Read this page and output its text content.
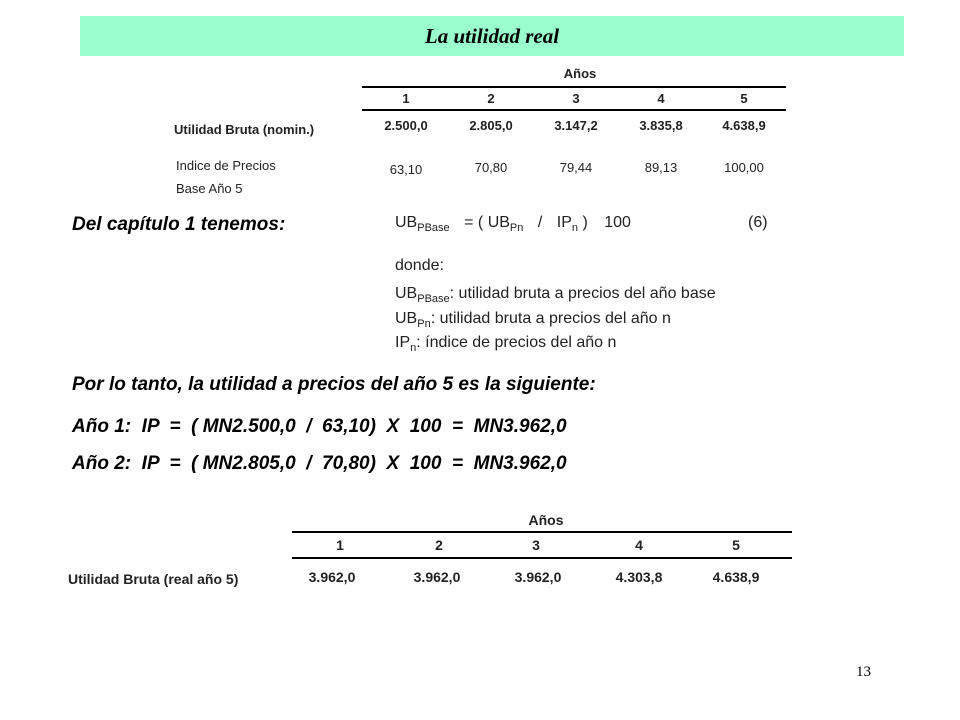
La utilidad real
Años
1	2	3	4	5
Utilidad Bruta (nomin.)	2.500,0	2.805,0	3.147,2	3.835,8	4.638,9
Indice de Precios
Base Año 5
63,10	70,80	79,44	89,13	100,00
Del capítulo 1 tenemos:	$UB_{PBase}$ = ( $UB_{Pn} / IP_n$ ) 100	(6)
donde:
$UB_{PBase}$: utilidad bruta a precios del año base
$UB_{Pn}$: utilidad bruta a precios del año n
$IP_n$: índice de precios del año n
Por lo tanto, la utilidad a precios del año 5 es la siguiente:
Año 1:  IP  =  ( MN2.500,0  /  63,10)  X  100  =  MN3.962,0
Año 2:  IP  =  ( MN2.805,0  /  70,80)  X  100  =  MN3.962,0
Años
1	2	3	4	5
Utilidad Bruta (real año 5)	3.962,0	3.962,0	3.962,0	4.303,8	4.638,9
13
